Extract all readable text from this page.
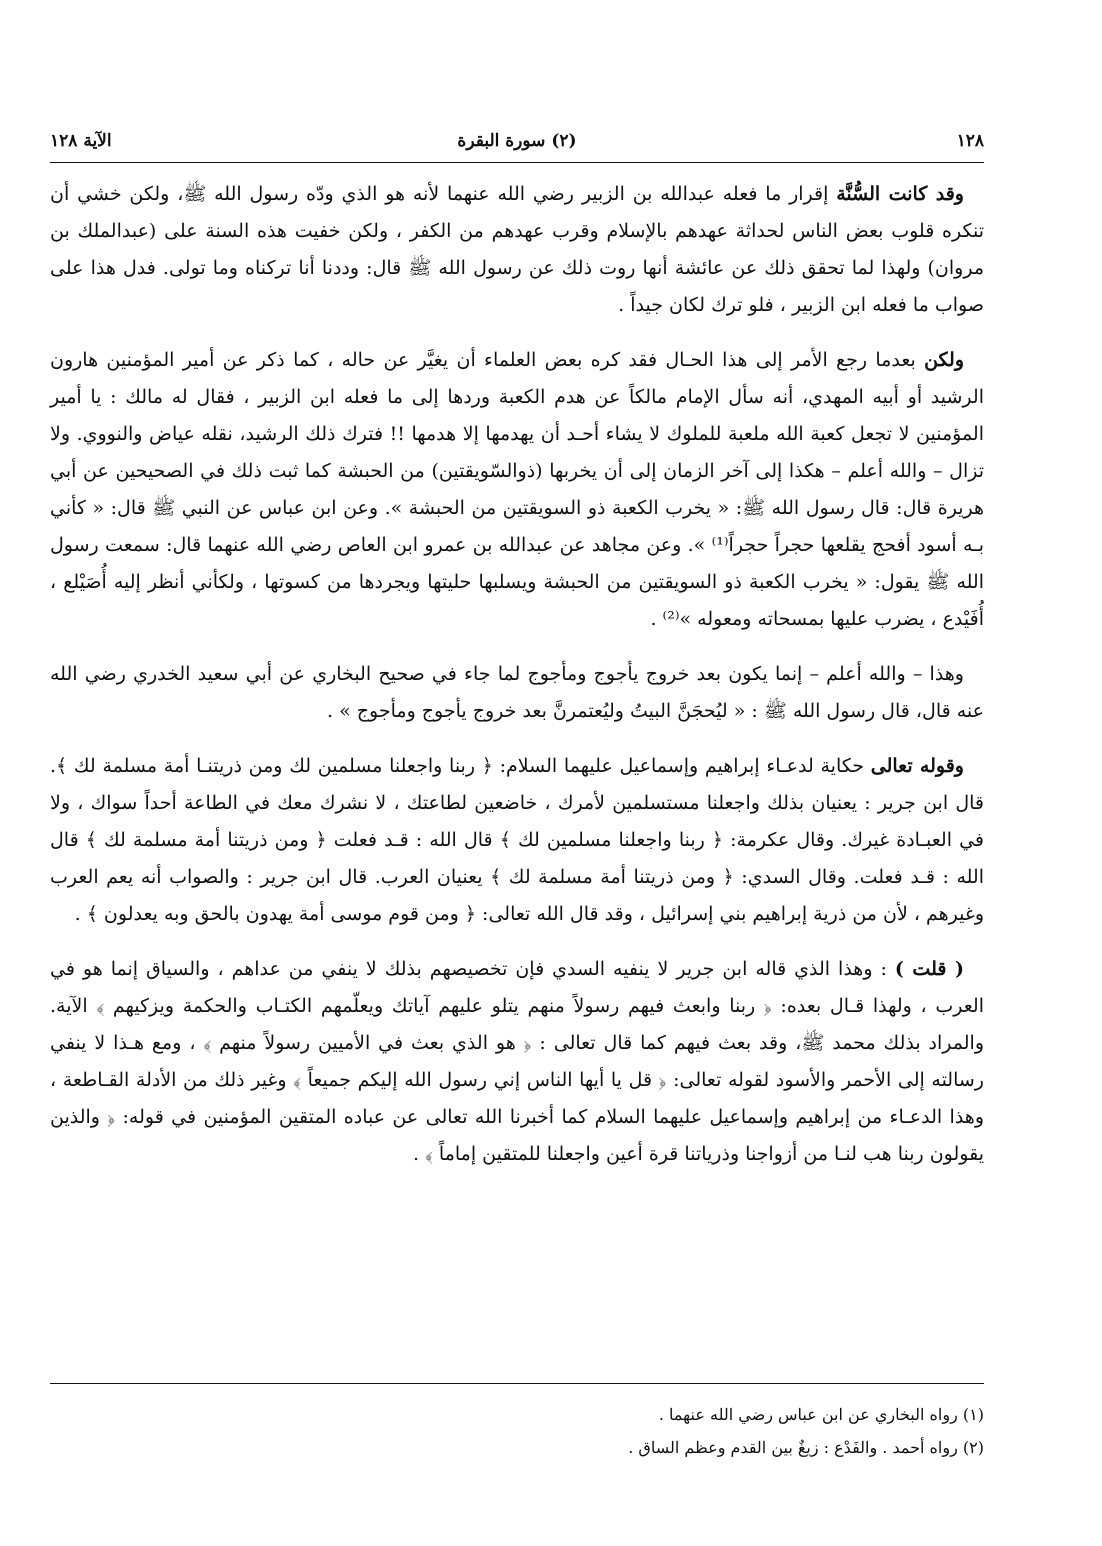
١٢٨
(٢) سورة البقرة
الآية ١٢٨

وقد كانت السُّنَّة إقرار ما فعله عبدالله بن الزبير رضي الله عنهما لأنه هو الذي ودّه رسول الله ﷺ، ولكن خشي أن تنكره قلوب بعض الناس لحداثة عهدهم بالإسلام وقرب عهدهم من الكفر ، ولكن خفيت هذه السنة على (عبدالملك بن مروان) ولهذا لما تحقق ذلك عن عائشة أنها روت ذلك عن رسول الله ﷺ قال: وددنا أنا تركناه وما تولى. فدل هذا على صواب ما فعله ابن الزبير ، فلو ترك لكان جيداً .

ولكن بعدما رجع الأمر إلى هذا الحـال فقد كره بعض العلماء أن يغيَّر عن حاله ، كما ذكر عن أمير المؤمنين هارون الرشيد أو أبيه المهدي، أنه سأل الإمام مالكاً عن هدم الكعبة وردها إلى ما فعله ابن الزبير ، فقال له مالك : يا أمير المؤمنين لا تجعل كعبة الله ملعبة للملوك لا يشاء أحـد أن يهدمها إلا هدمها !! فترك ذلك الرشيد، نقله عياض والنووي. ولا تزال – والله أعلم – هكذا إلى آخر الزمان إلى أن يخربها (ذوالسّويقتين) من الحبشة كما ثبت ذلك في الصحيحين عن أبي هريرة قال: قال رسول الله ﷺ: « يخرب الكعبة ذو السويقتين من الحبشة ». وعن ابن عباس عن النبي ﷺ قال: « كأني بـه أسود أفحج يقلعها حجراً حجراً⁽¹⁾ ». وعن مجاهد عن عبدالله بن عمرو ابن العاص رضي الله عنهما قال: سمعت رسول الله ﷺ يقول: « يخرب الكعبة ذو السويقتين من الحبشة ويسلبها حليتها ويجردها من كسوتها ، ولكأني أنظر إليه أُصَيْلع ، أُفَيْدع ، يضرب عليها بمسحاته ومعوله »⁽²⁾ .

وهذا – والله أعلم – إنما يكون بعد خروج يأجوج ومأجوج لما جاء في صحيح البخاري عن أبي سعيد الخدري رضي الله عنه قال، قال رسول الله ﷺ : « ليُحجَنَّ البيتُ وليُعتمرنَّ بعد خروج يأجوج ومأجوج » .

وقوله تعالى حكاية لدعـاء إبراهيم وإسماعيل عليهما السلام: ﴿ ربنا واجعلنا مسلمين لك ومن ذريتنـا أمة مسلمة لك ﴾. قال ابن جرير : يعنيان بذلك واجعلنا مستسلمين لأمرك ، خاضعين لطاعتك ، لا نشرك معك في الطاعة أحداً سواك ، ولا في العبـادة غيرك. وقال عكرمة: ﴿ ربنا واجعلنا مسلمين لك ﴾ قال الله : قـد فعلت ﴿ ومن ذريتنا أمة مسلمة لك ﴾ قال الله : قـد فعلت. وقال السدي: ﴿ ومن ذريتنا أمة مسلمة لك ﴾ يعنيان العرب. قال ابن جرير : والصواب أنه يعم العرب وغيرهم ، لأن من ذرية إبراهيم بني إسرائيل ، وقد قال الله تعالى: ﴿ ومن قوم موسى أمة يهدون بالحق وبه يعدلون ﴾ .

( قلت ) : وهذا الذي قاله ابن جرير لا ينفيه السدي فإن تخصيصهم بذلك لا ينفي من عداهم ، والسياق إنما هو في العرب ، ولهذا قـال بعده: ﴿ ربنا وابعث فيهم رسولاً منهم يتلو عليهم آياتك ويعلّمهم الكتـاب والحكمة ويزكيهم ﴾ الآية. والمراد بذلك محمد ﷺ، وقد بعث فيهم كما قال تعالى : ﴿ هو الذي بعث في الأميين رسولاً منهم ﴾ ، ومع هـذا لا ينفي رسالته إلى الأحمر والأسود لقوله تعالى: ﴿ قل يا أيها الناس إني رسول الله إليكم جميعاً ﴾ وغير ذلك من الأدلة القـاطعة ، وهذا الدعـاء من إبراهيم وإسماعيل عليهما السلام كما أخبرنا الله تعالى عن عباده المتقين المؤمنين في قوله: ﴿ والذين يقولون ربنا هب لنـا من أزواجنا وذرياتنا قرة أعين واجعلنا للمتقين إماماً ﴾ .

(١) رواه البخاري عن ابن عباس رضي الله عنهما .

(٢) رواه أحمد . والفَدْع : زيغٌ بين القدم وعظم الساق .
